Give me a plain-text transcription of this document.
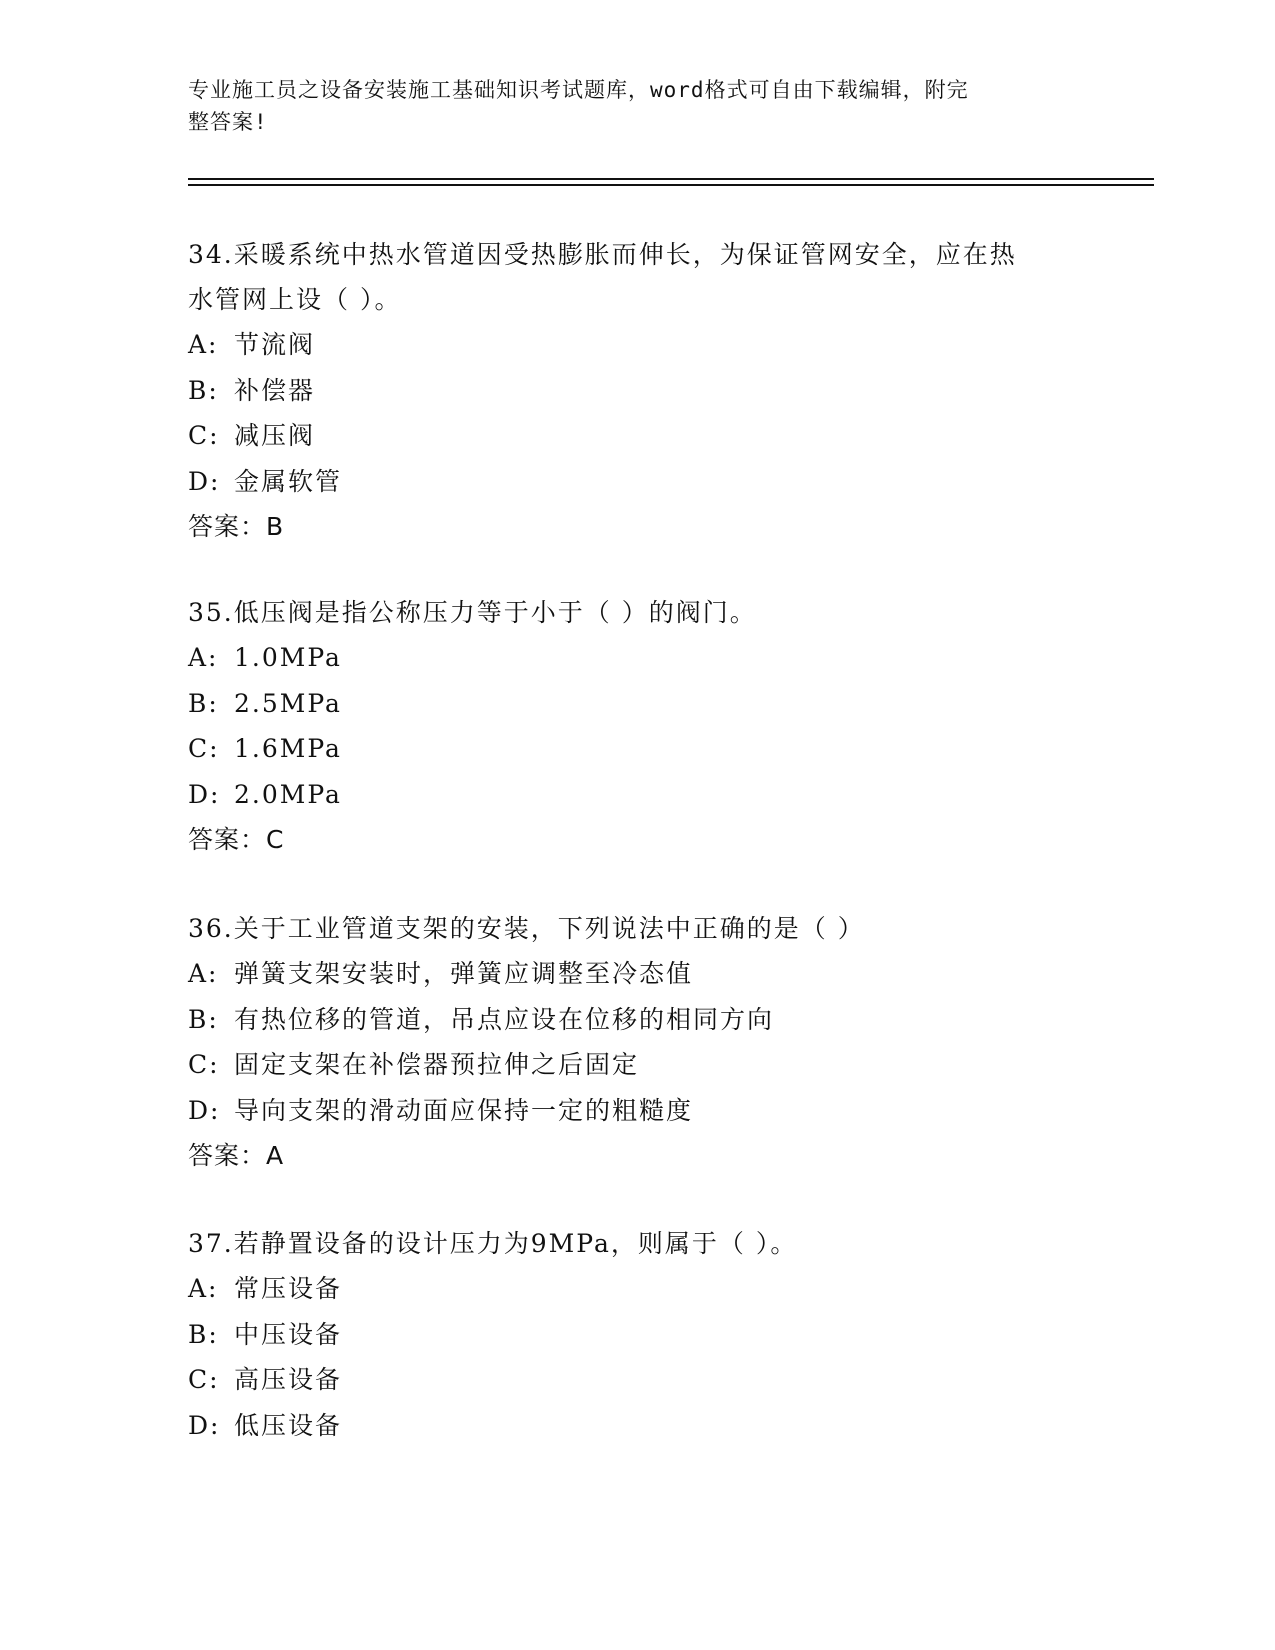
专业施工员之设备安装施工基础知识考试题库，word格式可自由下载编辑，附完
整答案!
34.采暖系统中热水管道因受热膨胀而伸长，为保证管网安全，应在热
水管网上设（ ）。
A: 节流阀
B: 补偿器
C: 减压阀
D: 金属软管
答案：B
35.低压阀是指公称压力等于小于（ ）的阀门。
A: 1.0MPa
B: 2.5MPa
C: 1.6MPa
D: 2.0MPa
答案：C
36.关于工业管道支架的安装，下列说法中正确的是（ ）
A: 弹簧支架安装时，弹簧应调整至冷态值
B: 有热位移的管道，吊点应设在位移的相同方向
C: 固定支架在补偿器预拉伸之后固定
D: 导向支架的滑动面应保持一定的粗糙度
答案：A
37.若静置设备的设计压力为9MPa，则属于（ ）。
A: 常压设备
B: 中压设备
C: 高压设备
D: 低压设备
